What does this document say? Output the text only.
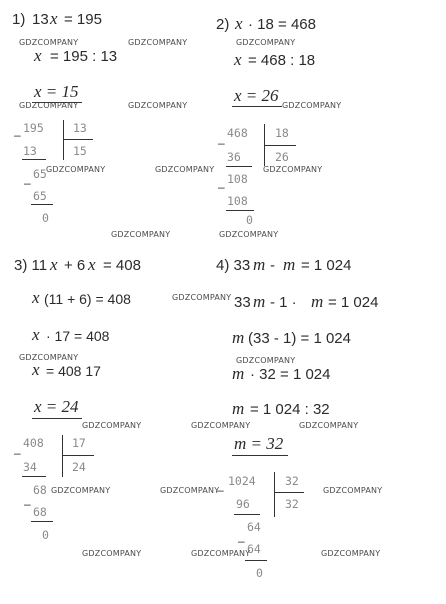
1) 13 x = 195
x = 195 : 13
x = 15
– 195	13
15
13
–
65
65
0
2) x · 18 = 468
x = 468 : 18
x = 26
–
468 18
26
36
–
108
108
0
3) 11 x + 6 x = 408
x (11 + 6) = 408
x · 17 = 408
x = 408 17
x = 24
–
408 17
24
34
–
68
68
0
4) 33 m - m = 1 024
33 m - 1 · m = 1 024
m (33 - 1) = 1 024
m · 32 = 1 024
m = 1 024 : 32
m = 32
–
1024	32
32
96
–
64
64
0
GDZCOMPANY	GDZCOMPANY	GDZCOMPANY
GDZCOMPANY	GDZCOMPANY	GDZCOMPANY
GDZCOMPANY	GDZCOMPANY	GDZCOMPANY
GDZCOMPANY	GDZCOMPANY
GDZCOMPANY
GDZCOMPANY	GDZCOMPANY
GDZCOMPANY	GDZCOMPANY	GDZCOMPANY
GDZCOMPANY	GDZCOMPANY	GDZCOMPANY
GDZCOMPANY	GDZCOMPANY	GDZCOMPANY
